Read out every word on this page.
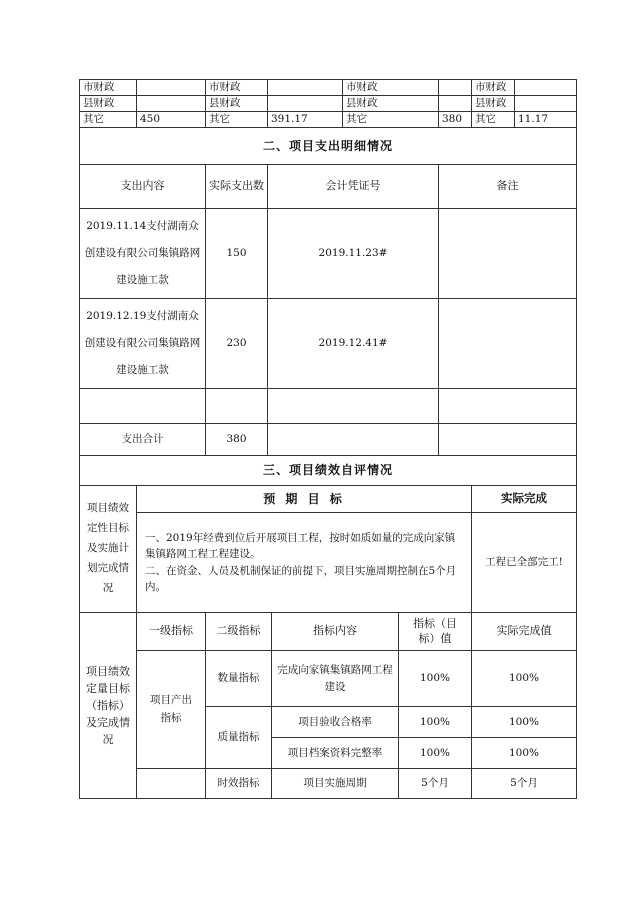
市财政		市财政			市财政			市财政	
县财政		县财政			县财政			县财政	
其它	450	其它	391.17		其它		380	其它	11.17
二、项目支出明细情况									
支出内容		实际支出数	会计凭证号				备注		
2019.11.14支付湖南众创建设有限公司集镇路网建设施工款		150	2019.11.23#						
2019.12.19支付湖南众创建设有限公司集镇路网建设施工款		230	2019.12.41#						

支出合计		380							
三、项目绩效自评情况									
项目绩效定性目标及实施计划完成情况	预 期 目 标							实际完成	

	一、2019年经费到位后开展项目工程，按时如质如量的完成向家镇集镇路网工程工程建设。
二、在资金、人员及机制保证的前提下，项目实施周期控制在5个月内。							工程已全部完工!	
项目绩效定量目标（指标）及完成情况	一级指标	二级指标		指标内容		指标（目标）值		实际完成值	
	项目产出指标	数量指标		完成向家镇集镇路网工程建设		100%		100%	
		质量指标		项目验收合格率		100%		100%	
				项目档案资料完整率		100%		100%	
		时效指标		项目实施周期		5个月		5个月	
